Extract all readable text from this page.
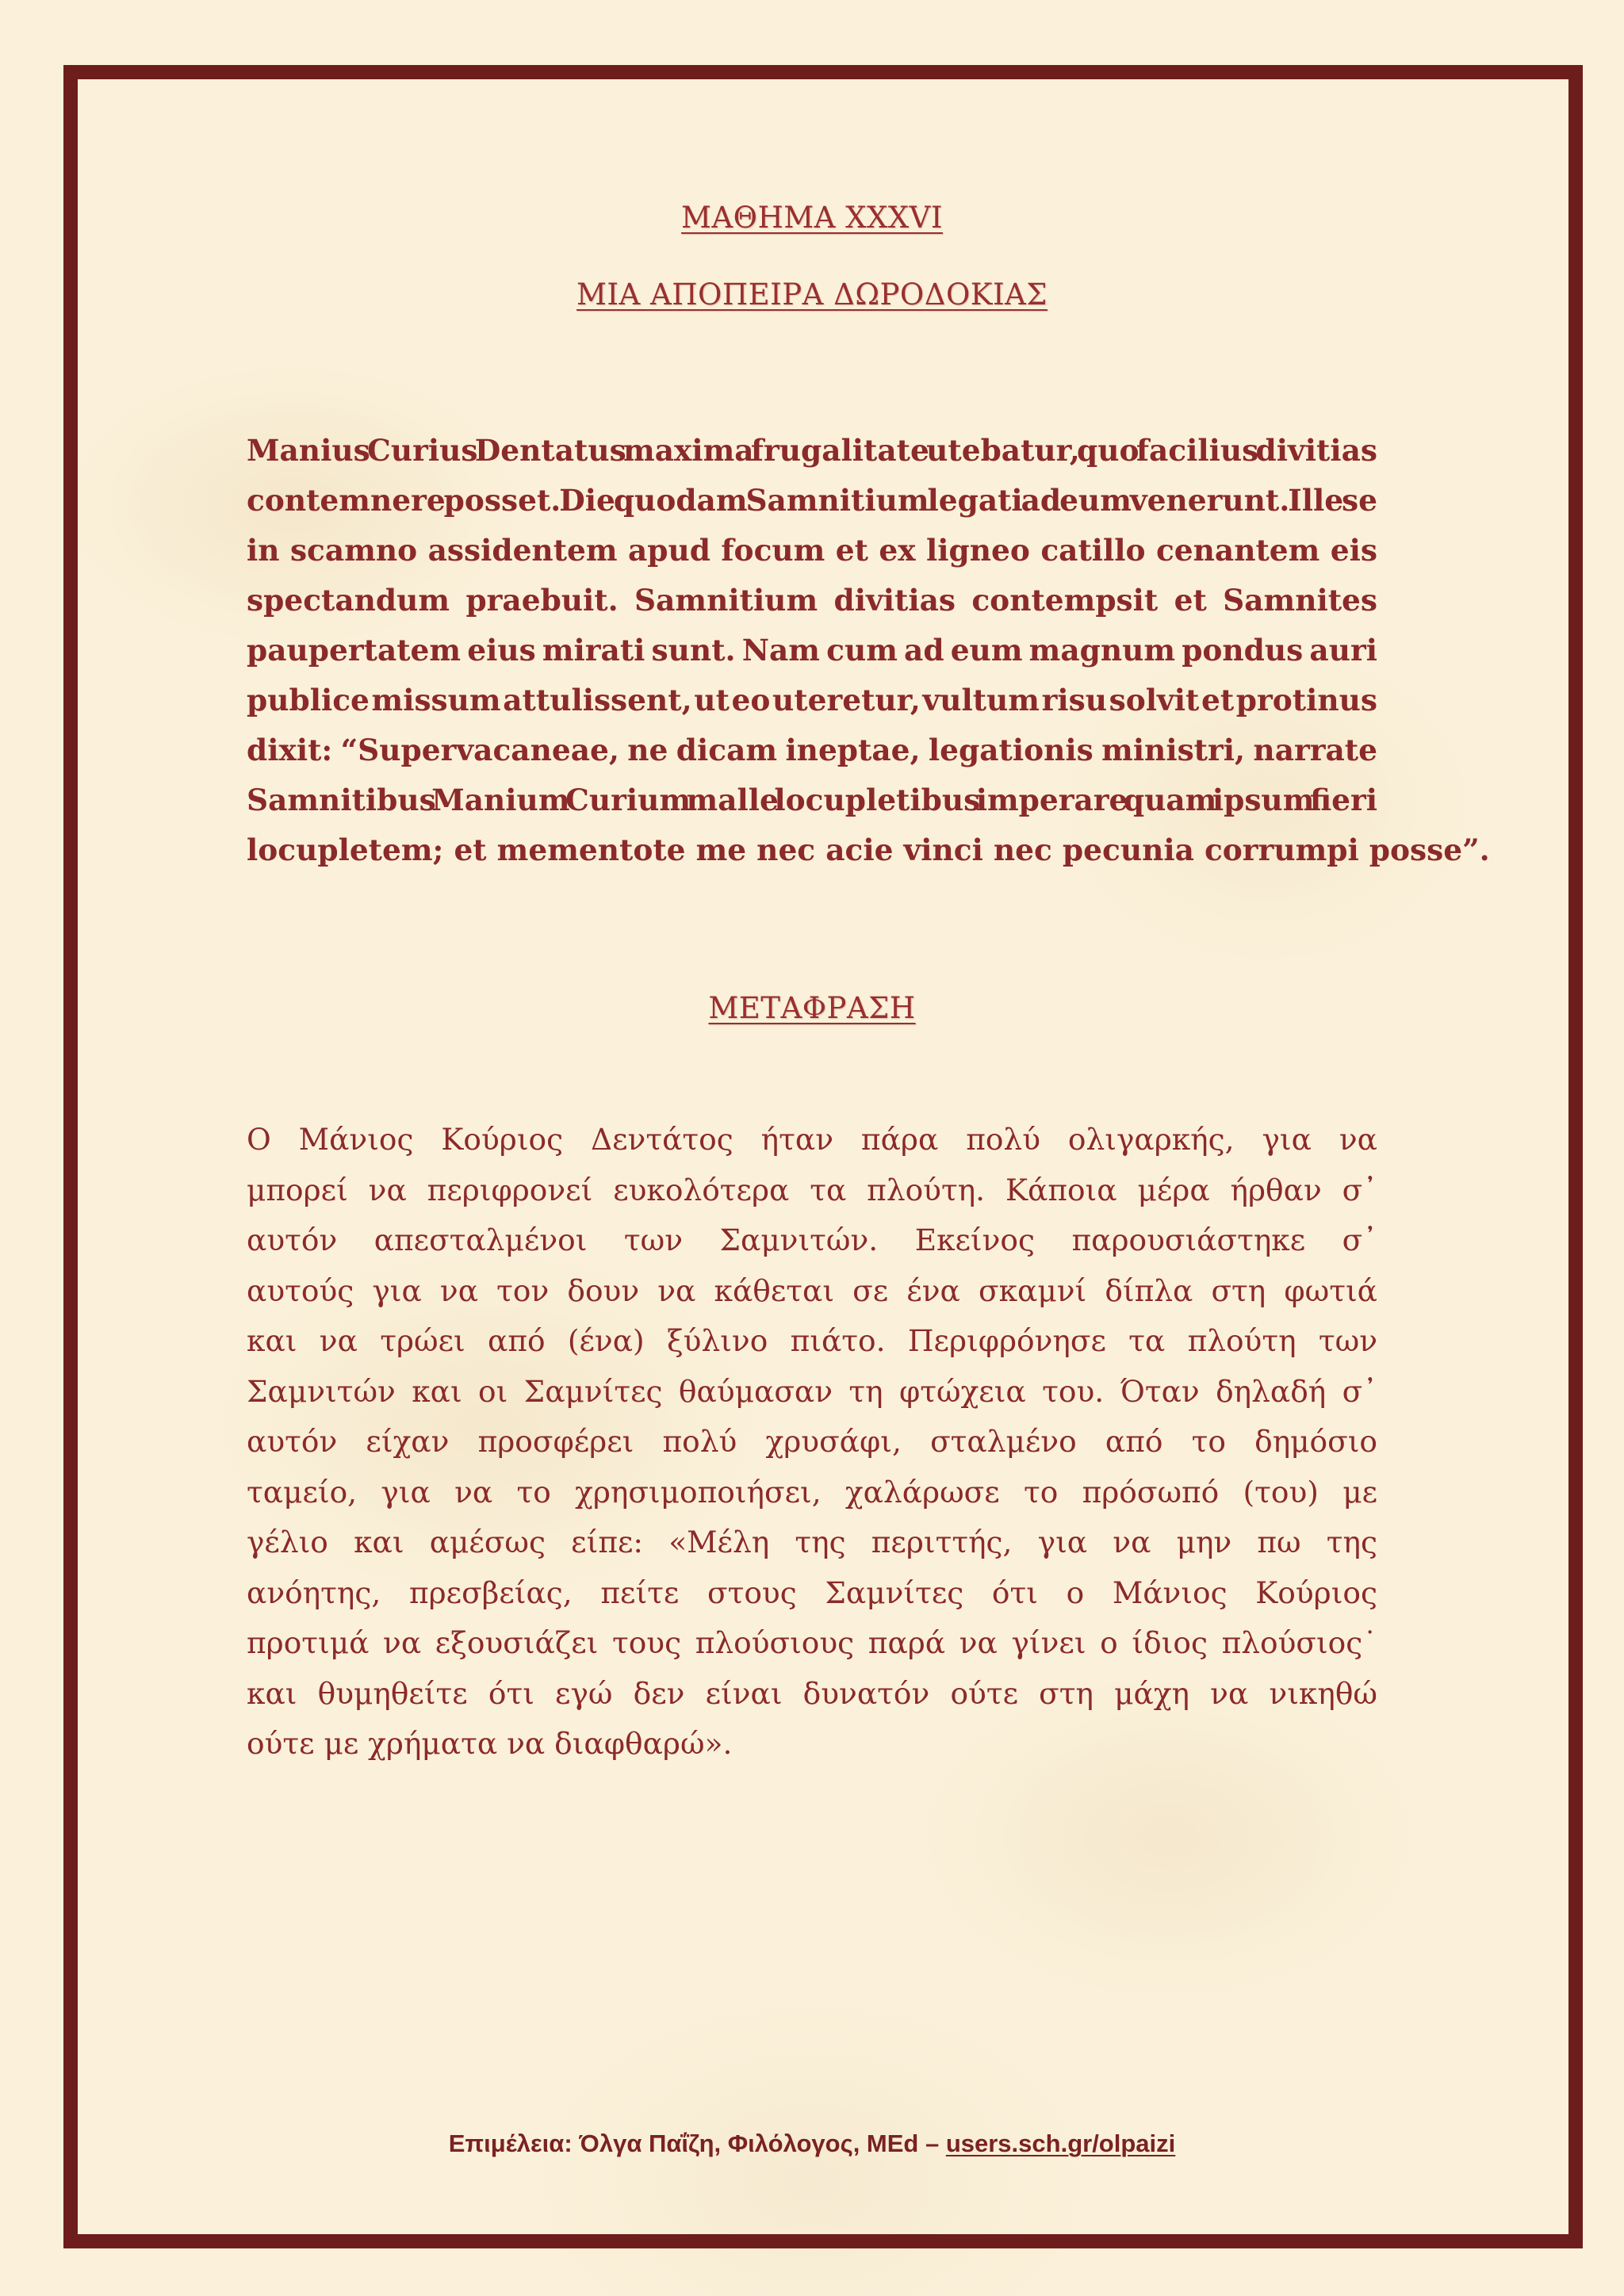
ΜΑΘΗΜΑ XXXVI
ΜΙΑ ΑΠΟΠΕΙΡΑ ΔΩΡΟΔΟΚΙΑΣ
Manius Curius Dentatus maxima frugalitate utebatur, quo facilius divitias
contemnere posset. Die quodam Samnitium legati ad eum venerunt. Ille se
in scamno assidentem apud focum et ex ligneo catillo cenantem eis
spectandum praebuit. Samnitium divitias contempsit et Samnites
paupertatem eius mirati sunt. Nam cum ad eum magnum pondus auri
publice missum attulissent, ut eo uteretur, vultum risu solvit et protinus
dixit: “Supervacaneae, ne dicam ineptae, legationis ministri, narrate
Samnitibus Manium Curium malle locupletibus imperare quam ipsum fieri
locupletem; et mementote me nec acie vinci nec pecunia corrumpi posse”.
ΜΕΤΑΦΡΑΣΗ
Ο Μάνιος Κούριος Δεντάτος ήταν πάρα πολύ ολιγαρκής, για να
μπορεί να περιφρονεί ευκολότερα τα πλούτη. Κάποια μέρα ήρθαν σ᾽
αυτόν απεσταλμένοι των Σαμνιτών. Εκείνος παρουσιάστηκε σ᾽
αυτούς για να τον δουν να κάθεται σε ένα σκαμνί δίπλα στη φωτιά
και να τρώει από (ένα) ξύλινο πιάτο. Περιφρόνησε τα πλούτη των
Σαμνιτών και οι Σαμνίτες θαύμασαν τη φτώχεια του. Όταν δηλαδή σ᾽
αυτόν είχαν προσφέρει πολύ χρυσάφι, σταλμένο από το δημόσιο
ταμείο, για να το χρησιμοποιήσει, χαλάρωσε το πρόσωπό (του) με
γέλιο και αμέσως είπε: «Μέλη της περιττής, για να μην πω της
ανόητης, πρεσβείας, πείτε στους Σαμνίτες ότι ο Μάνιος Κούριος
προτιμά να εξουσιάζει τους πλούσιους παρά να γίνει ο ίδιος πλούσιος˙
και θυμηθείτε ότι εγώ δεν είναι δυνατόν ούτε στη μάχη να νικηθώ
ούτε με χρήματα να διαφθαρώ».
Επιμέλεια: Όλγα Παΐζη, Φιλόλογος, MEd – users.sch.gr/olpaizi
